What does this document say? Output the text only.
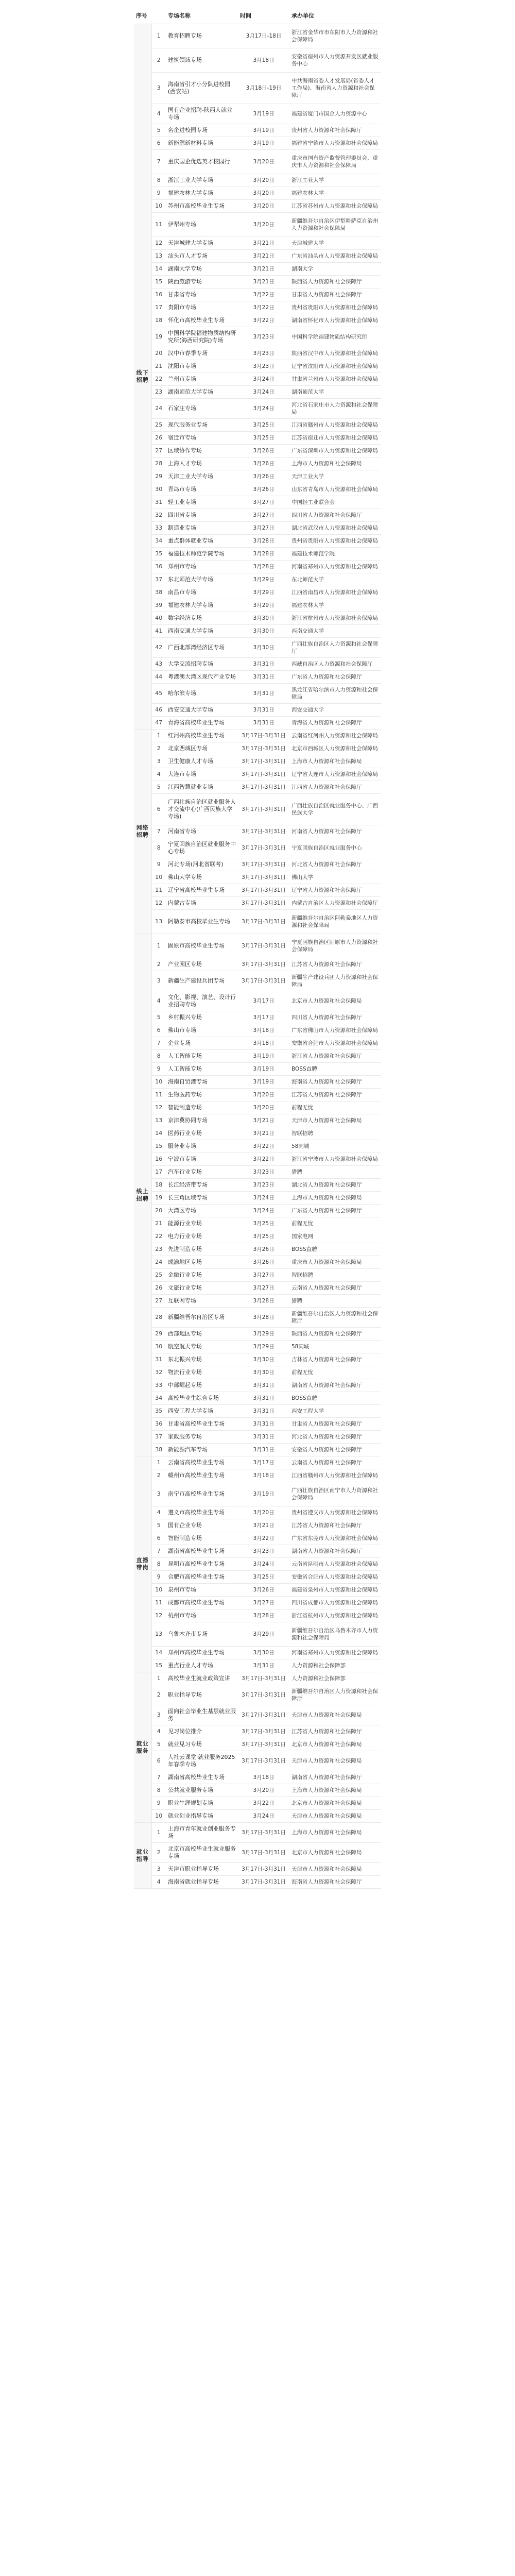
序号		专场名称	时间	承办单位
线下招聘	1	教育招聘专场	3月17日-18日	浙江省金华市市东阳市人力资源和社会保障局
	2	建筑领域专场	3月18日	安徽省宿州市人力资源开发区就业服务中心
	3	海南省引才小分队进校园(西安站)	3月18日-19日	中共海南省委人才发展局(省委人才工作局)、海南省人力资源和社会保障厅
	4	国有企业招聘-陕西人就业专场	3月19日	福建省厦门市国企人力资源中心
	5	名企进校园专场	3月19日	贵州省人力资源和社会保障厅
	6	新能源新材料专场	3月19日	福建省宁德市人力资源和社会保障局
	7	重庆国企优选英才校园行	3月20日	重庆市国有资产监督管理委员会、重庆市人力资源和社会保障局
	8	浙江工业大学专场	3月20日	浙江工业大学
	9	福建农林大学专场	3月20日	福建农林大学
	10	苏州市高校毕业生专场	3月20日	江苏省苏州市人力资源和社会保障局
	11	伊犁州专场	3月20日	新疆维吾尔自治区伊犁哈萨克自治州人力资源和社会保障局
	12	天津城建大学专场	3月21日	天津城建大学
	13	汕头市人才专场	3月21日	广东省汕头市人力资源和社会保障局
	14	湖南大学专场	3月21日	湖南大学
	15	陕西旅游专场	3月21日	陕西省人力资源和社会保障厅
	16	甘肃省专场	3月22日	甘肃省人力资源和社会保障厅
	17	贵阳市专场	3月22日	贵州省贵阳市人力资源和社会保障局
	18	怀化市高校毕业生专场	3月22日	湖南省怀化市人力资源和社会保障局
	19	中国科学院福建物质结构研究所(海西研究院)专场	3月23日	中国科学院福建物质结构研究所
	20	汉中市春季专场	3月23日	陕西省汉中市人力资源和社会保障局
	21	沈阳市专场	3月23日	辽宁省沈阳市人力资源和社会保障局
	22	兰州市专场	3月24日	甘肃省兰州市人力资源和社会保障局
	23	湖南师范大学专场	3月24日	湖南师范大学
	24	石家庄专场	3月24日	河北省石家庄市人力资源和社会保障局
	25	现代服务业专场	3月25日	江西省赣州市人力资源和社会保障局
	26	宿迁市专场	3月25日	江苏省宿迁市人力资源和社会保障局
	27	区域协作专场	3月26日	广东省深圳市人力资源和社会保障局
	28	上海人才专场	3月26日	上海市人力资源和社会保障局
	29	天津工业大学专场	3月26日	天津工业大学
	30	青岛市专场	3月26日	山东省青岛市人力资源和社会保障局
	31	轻工业专场	3月27日	中国轻工业联合会
	32	四川省专场	3月27日	四川省人力资源和社会保障厅
	33	制造业专场	3月27日	湖北省武汉市人力资源和社会保障局
	34	重点群体就业专场	3月28日	贵州省贵阳市人力资源和社会保障局
	35	福建技术师范学院专场	3月28日	福建技术师范学院
	36	郑州市专场	3月28日	河南省郑州市人力资源和社会保障局
	37	东北师范大学专场	3月29日	东北师范大学
	38	南昌市专场	3月29日	江西省南昌市人力资源和社会保障局
	39	福建农林大学专场	3月29日	福建农林大学
	40	数字经济专场	3月30日	浙江省杭州市人力资源和社会保障局
	41	西南交通大学专场	3月30日	西南交通大学
	42	广西北部湾经济区专场	3月30日	广西壮族自治区人力资源和社会保障厅
	43	大学交流招聘专场	3月31日	西藏自治区人力资源和社会保障厅
	44	粤港澳大湾区现代产业专场	3月31日	广东省人力资源和社会保障厅
	45	哈尔滨专场	3月31日	黑龙江省哈尔滨市人力资源和社会保障局
	46	西安交通大学专场	3月31日	西安交通大学
	47	青海省高校毕业生专场	3月31日	青海省人力资源和社会保障厅
网络招聘	1	红河州高校毕业生专场	3月17日-3月31日	云南省红河州人力资源和社会保障局
	2	北京西城区专场	3月17日-3月31日	北京市西城区人力资源和社会保障局
	3	卫生健康人才专场	3月17日-3月31日	上海市人力资源和社会保障局
	4	大连市专场	3月17日-3月31日	辽宁省大连市人力资源和社会保障局
	5	江西智慧就业专场	3月17日-3月31日	江西省人力资源和社会保障厅
	6	广西壮族自治区就业服务人才交流中心(广西民族大学专场)	3月17日-3月31日	广西壮族自治区就业服务中心、广西民族大学
	7	河南省专场	3月17日-3月31日	河南省人力资源和社会保障厅
	8	宁夏回族自治区就业服务中心专场	3月17日-3月31日	宁夏回族自治区就业服务中心
	9	河北专场(河北省联考)	3月17日-3月31日	河北省人力资源和社会保障厅
	10	佛山大学专场	3月17日-3月31日	佛山大学
	11	辽宁省高校毕业生专场	3月17日-3月31日	辽宁省人力资源和社会保障厅
	12	内蒙古专场	3月17日-3月31日	内蒙古自治区人力资源和社会保障厅
	13	阿勒泰市高校毕业生专场	3月17日-3月31日	新疆维吾尔自治区阿勒泰地区人力资源和社会保障局
线上招聘	1	固原市高校毕业生专场	3月17日-3月31日	宁夏回族自治区固原市人力资源和社会保障局
	2	产业园区专场	3月17日-3月31日	江苏省人力资源和社会保障厅
	3	新疆生产建设兵团专场	3月17日-3月31日	新疆生产建设兵团人力资源和社会保障局
	4	文化、影视、演艺、设计行业招聘专场	3月17日	北京市人力资源和社会保障局
	5	乡村振兴专场	3月17日	四川省人力资源和社会保障厅
	6	佛山市专场	3月18日	广东省佛山市人力资源和社会保障局
	7	企业专场	3月18日	安徽省合肥市人力资源和社会保障局
	8	人工智能专场	3月19日	浙江省人力资源和社会保障厅
	9	人工智能专场	3月19日	BOSS直聘
	10	海南自贸港专场	3月19日	海南省人力资源和社会保障厅
	11	生物医药专场	3月20日	江苏省人力资源和社会保障厅
	12	智能制造专场	3月20日	前程无忧
	13	京津冀协同专场	3月21日	天津市人力资源和社会保障局
	14	医药行业专场	3月21日	智联招聘
	15	服务业专场	3月22日	58同城
	16	宁波市专场	3月22日	浙江省宁波市人力资源和社会保障局
	17	汽车行业专场	3月23日	猎聘
	18	长江经济带专场	3月23日	湖北省人力资源和社会保障厅
	19	长三角区域专场	3月24日	上海市人力资源和社会保障局
	20	大湾区专场	3月24日	广东省人力资源和社会保障厅
	21	能源行业专场	3月25日	前程无忧
	22	电力行业专场	3月25日	国家电网
	23	先进制造专场	3月26日	BOSS直聘
	24	成渝地区专场	3月26日	重庆市人力资源和社会保障局
	25	金融行业专场	3月27日	智联招聘
	26	文旅行业专场	3月27日	云南省人力资源和社会保障厅
	27	互联网专场	3月28日	猎聘
	28	新疆维吾尔自治区专场	3月28日	新疆维吾尔自治区人力资源和社会保障厅
	29	西部地区专场	3月29日	陕西省人力资源和社会保障厅
	30	航空航天专场	3月29日	58同城
	31	东北振兴专场	3月30日	吉林省人力资源和社会保障厅
	32	物流行业专场	3月30日	前程无忧
	33	中部崛起专场	3月31日	湖南省人力资源和社会保障厅
	34	高校毕业生综合专场	3月31日	BOSS直聘
	35	西安工程大学专场	3月31日	西安工程大学
	36	甘肃省高校毕业生专场	3月31日	甘肃省人力资源和社会保障厅
	37	家政服务专场	3月31日	河北省人力资源和社会保障厅
	38	新能源汽车专场	3月31日	安徽省人力资源和社会保障厅
直播带岗	1	云南省高校毕业生专场	3月17日	云南省人力资源和社会保障厅
	2	赣州市高校毕业生专场	3月18日	江西省赣州市人力资源和社会保障局
	3	南宁市高校毕业生专场	3月19日	广西壮族自治区南宁市人力资源和社会保障局
	4	遵义市高校毕业生专场	3月20日	贵州省遵义市人力资源和社会保障局
	5	国有企业专场	3月21日	江苏省人力资源和社会保障厅
	6	智能制造专场	3月22日	广东省东莞市人力资源和社会保障局
	7	湖南省高校毕业生专场	3月23日	湖南省人力资源和社会保障厅
	8	昆明市高校毕业生专场	3月24日	云南省昆明市人力资源和社会保障局
	9	合肥市高校毕业生专场	3月25日	安徽省合肥市人力资源和社会保障局
	10	泉州市专场	3月26日	福建省泉州市人力资源和社会保障局
	11	成都市高校毕业生专场	3月27日	四川省成都市人力资源和社会保障局
	12	杭州市专场	3月28日	浙江省杭州市人力资源和社会保障局
	13	乌鲁木齐市专场	3月29日	新疆维吾尔自治区乌鲁木齐市人力资源和社会保障局
	14	郑州市高校毕业生专场	3月30日	河南省郑州市人力资源和社会保障局
	15	重点行业人才专场	3月31日	人力资源和社会保障部
就业服务	1	高校毕业生就业政策宣讲	3月17日-3月31日	人力资源和社会保障部
	2	职业指导专场	3月17日-3月31日	新疆维吾尔自治区人力资源和社会保障厅
	3	面向社会毕业生基层就业服务	3月17日-3月31日	天津市人力资源和社会保障局
	4	见习岗位推介	3月17日-3月31日	江苏省人力资源和社会保障厅
	5	就业见习专场	3月17日-3月31日	北京市人力资源和社会保障局
	6	人社云课堂·就业服务2025年春季专场	3月17日-3月31日	天津市人力资源和社会保障局
	7	湖南省高校毕业生专场	3月18日	湖南省人力资源和社会保障厅
	8	公共就业服务专场	3月20日	上海市人力资源和社会保障局
	9	职业生涯规划专场	3月22日	北京市人力资源和社会保障局
	10	就业创业指导专场	3月24日	天津市人力资源和社会保障局
就业指导	1	上海市青年就业创业服务专场	3月17日-3月31日	上海市人力资源和社会保障局
	2	北京市高校毕业生就业服务专场	3月17日-3月31日	北京市人力资源和社会保障局
	3	天津市职业指导专场	3月17日-3月31日	天津市人力资源和社会保障局
	4	海南省就业指导专场	3月17日-3月31日	海南省人力资源和社会保障厅
